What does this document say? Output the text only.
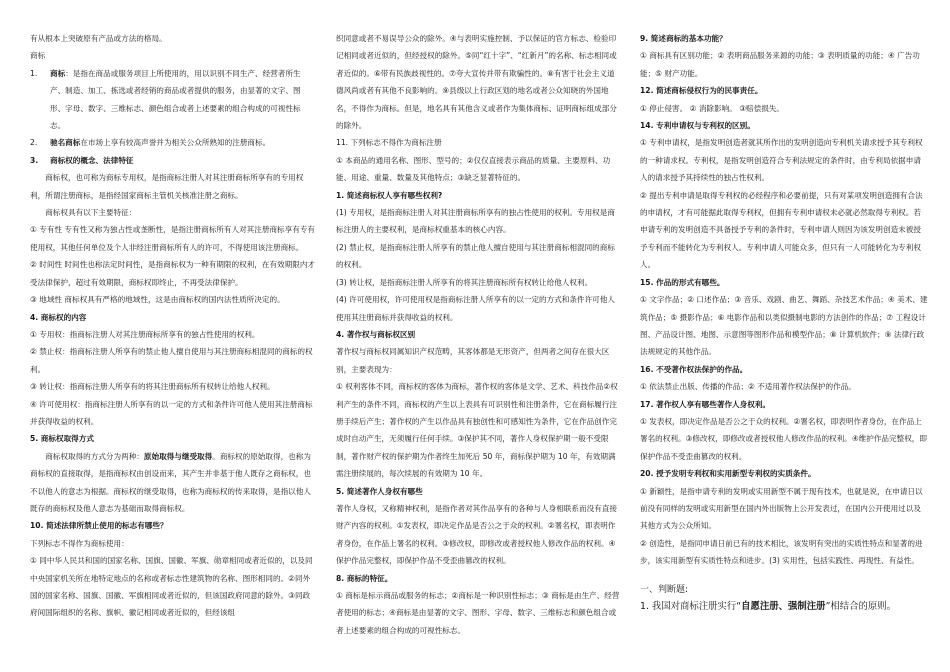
有从根本上突破原有产品或方法的格局。

商标

1.	商标：是指在商品或服务项目上所使用的，用以识别不同生产、经营者所生产、制造、加工、拣选或者经销的商品或者提供的服务，由显著的文字、图形、字母、数字、三维标志、颜色组合或者上述要素的组合构成的可视性标志。
2.	驰名商标在市场上享有较高声誉并为相关公众所熟知的注册商标。
3.	商标权的概念、法律特征

商标权，也可称为商标专用权，是指商标注册人对其注册商标所享有的专用权利，所谓注册商标，是指经国家商标主管机关核准注册之商标。

商标权具有以下主要特征：

① 专有性 专有性又称为独占性或垄断性，是指注册商标所有人对其注册商标享有专有使用权，其他任何单位及个人非经注册商标所有人的许可，不得使用该注册商标。

② 时间性 时间性也称法定时间性，是指商标权为一种有期限的权利，在有效期限内才受法律保护，超过有效期限，商标权即终止，不再受法律保护。

③ 地域性 商标权具有严格的地域性，这是由商标权的国内法性质所决定的。

4. 商标权的内容

① 专用权：指商标注册人对其注册商标所享有的独占性使用的权利。

② 禁止权：指商标注册人所享有的禁止他人擅自使用与其注册商标相混同的商标的权利。

③ 转让权：指商标注册人所享有的将其注册商标所有权转让给他人权利。

④ 许可使用权：指商标注册人所享有的以一定的方式和条件许可他人使用其注册商标并获得收益的权利。

5. 商标权取得方式

商标权取得的方式分为两种：原始取得与继受取得。商标权的原始取得，也称为商标权的直接取得，是指商标权由创设而来，其产生并非基于他人既存之商标权，也不以他人的意志为根据。商标权的继受取得，也称为商标权的传来取得，是指以他人既存的商标权及他人意志为基础而取得商标权。

10. 简述法律所禁止使用的标志有哪些？

下列标志不得作为商标使用：

① 同中华人民共和国的国家名称、国旗、国徽、军旗、勋章相同或者近似的，以及同中央国家机关所在地特定地点的名称或者标志性建筑物的名称、图形相同的。②同外国的国家名称、国旗、国徽、军旗相同或者近似的，但该国政府同意的除外。③同政府间国际组织的名称、旗帜、徽记相同或者近似的，但经该组

织同意或者不易误导公众的除外。④与表明实施控制、予以保证的官方标志、检验印记相同或者近似的，但经授权的除外。⑤同“红十字”、“红新月”的名称、标志相同或者近似的。⑥带有民族歧视性的。⑦夸大宣传并带有欺骗性的。⑧有害于社会主义道德风尚或者有其他不良影响的。⑨县级以上行政区划的地名或者公众知晓的外国地名，不得作为商标。但是，地名具有其他含义或者作为集体商标、证明商标组成部分的除外。

11. 下列标志不得作为商标注册

① 本商品的通用名称、图形、型号的；②仅仅直接表示商品的质量、主要原料、功能、用途、重量、数量及其他特点；③缺乏显著特征的。

1. 简述商标权人享有哪些权利?

(1) 专用权，是指商标注册人对其注册商标所享有的独占性使用的权利。专用权是商标注册人的主要权利，是商标权重基本的核心内容。

(2) 禁止权，是指商标注册人所享有的禁止他人擅自使用与其注册商标相混同的商标的权利。

(3) 转让权，是指商标注册人所享有的将其注册商标所有权转让给他人权利。

(4) 许可使用权，许可使用权是指商标注册人所享有的以一定的方式和条件许可他人使用其注册商标并获得收益的权利。

4. 著作权与商标权区别

著作权与商标权同属知识产权范畴，其客体都是无形资产，但两者之间存在很大区别，主要表现为：

① 权利客体不同，商标权的客体为商标，著作权的客体是文学、艺术、科技作品②权利产生的条件不同，商标权的产生以上表具有可识别性和注册条件，它在商标履行注册手续后产生；著作权的产生以作品具有独创性和可感知性为条件，它在作品创作完成时自动产生，无须履行任何手续。③保护其不同，著作人身权保护期一般不受限制，著作财产权的保护期为作者终生加死后 50 年，商标保护期为 10 年，有效期满需注册续展的，每次续展的有效期为 10 年。

5. 简述著作人身权有哪些

著作人身权，又称精神权利，是指作者对其作品享有的各种与人身相联系而没有直接财产内容的权利。①发表权，即决定作品是否公之于众的权利。②署名权，即表明作者身份，在作品上署名的权利。③修改权，即修改或者授权他人修改作品的权利。④保护作品完整权，即保护作品不受歪曲篡改的权利。

8. 商标的特征。

① 商标是标示商品或服务的标志；②商标是一种识别性标志；③ 商标是由生产、经营者使用的标志；④商标是由显著的文字、图形、字母、数字、三维标志和颜色组合或者上述要素的组合构成的可视性标志。

9. 简述商标的基本功能？

① 商标具有区别功能；② 表明商品服务来源的功能；③ 表明质量的功能；④ 广告功能；⑤ 财产功能。

12. 简述商标侵权行为的民事责任。

① 停止侵害。 ② 消除影响。 ③赔偿损失。

14. 专利申请权与专利权的区别。

① 专利申请权，是指发明创造者就其所作出的发明创造向专利机关请求授予其专利权的一种请求权。专利权，是指发明创造符合专利法规定的条件时，由专利局依据申请人的请求授予其持续性的独占性权利。

② 提出专利申请是取得专利权的必经程序和必要前提，只有对某项发明创造拥有合法的申请权，才有可能据此取得专利权，但拥有专利申请权未必就必然取得专利权。若申请专利的发明创造不具备授予专利的条件时，专利申请人则因为该发明创造未被授予专利而不能转化为专利权人。专利申请人可能众多，但只有一人可能转化为专利权人。

15. 作品的形式有哪些。

① 文字作品；② 口述作品；③ 音乐、戏剧、曲艺、舞蹈、杂技艺术作品；④ 美术、建筑作品；⑤ 摄影作品；⑥ 电影作品和以类似摄制电影的方法创作的作品；⑦ 工程设计图、产品设计图、地图、示意图等图形作品和模型作品；⑧ 计算机软件；⑨ 法律行政法规规定的其他作品。

16. 不受著作权法保护的作品。

① 依法禁止出版、传播的作品；② 不适用著作权法保护的作品。

17. 著作权人享有哪些著作人身权利。

① 发表权，即决定作品是否公之于众的权利。②署名权，即表明作者身份，在作品上署名的权利。③修改权，即修改或者授权他人修改作品的权利。④维护作品完整权，即保护作品不受歪曲篡改的权利。

20. 授予发明专利权和实用新型专利权的实质条件。

① 新颖性，是指申请专利的发明或实用新型不属于现有技术，也就是说，在申请日以前没有同样的发明或实用新型在国内外出版物上公开发表过，在国内公开使用过以及其他方式为公众所知。

② 创造性，是指同申请日前已有的技术相比，该发明有突出的实质性特点和显著的进步，该实用新型有实质性特点和进步。(3) 实用性，包括实践性、再现性、有益性。

一、判断题:

1. 我国对商标注册实行“自愿注册、强制注册”相结合的原则。
